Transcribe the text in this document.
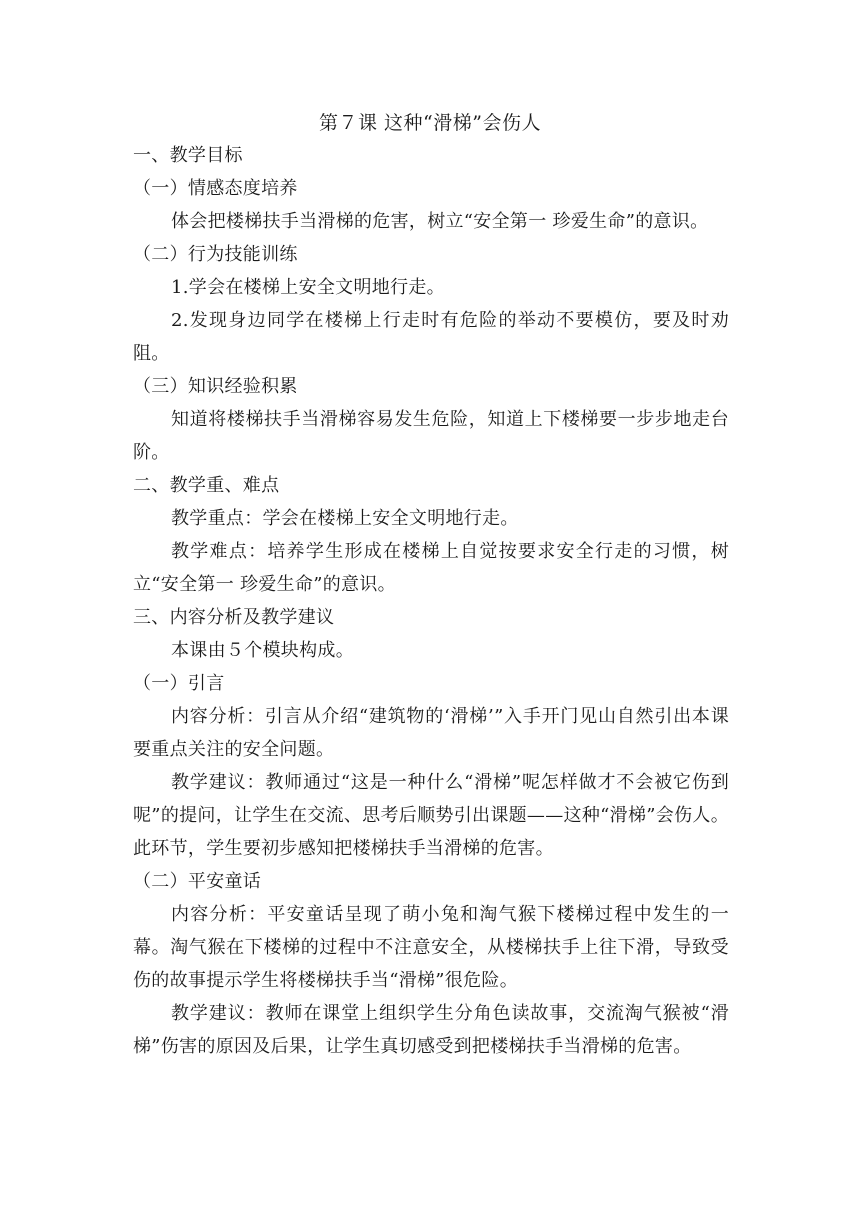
第７课 这种“滑梯”会伤人

一、教学目标

（一）情感态度培养

体会把楼梯扶手当滑梯的危害，树立“安全第一 珍爱生命”的意识。

（二）行为技能训练

1.学会在楼梯上安全文明地行走。

2.发现身边同学在楼梯上行走时有危险的举动不要模仿，要及时劝阻。

（三）知识经验积累

知道将楼梯扶手当滑梯容易发生危险，知道上下楼梯要一步步地走台阶。

二、教学重、难点

教学重点：学会在楼梯上安全文明地行走。

教学难点：培养学生形成在楼梯上自觉按要求安全行走的习惯，树立“安全第一 珍爱生命”的意识。

三、内容分析及教学建议

本课由５个模块构成。

（一）引言

内容分析：引言从介绍“建筑物的‘滑梯’”入手开门见山自然引出本课要重点关注的安全问题。

教学建议：教师通过“这是一种什么“滑梯”呢怎样做才不会被它伤到呢”的提问，让学生在交流、思考后顺势引出课题——这种“滑梯”会伤人。此环节，学生要初步感知把楼梯扶手当滑梯的危害。

（二）平安童话

内容分析：平安童话呈现了萌小兔和淘气猴下楼梯过程中发生的一幕。淘气猴在下楼梯的过程中不注意安全，从楼梯扶手上往下滑，导致受伤的故事提示学生将楼梯扶手当“滑梯”很危险。

教学建议：教师在课堂上组织学生分角色读故事，交流淘气猴被“滑梯”伤害的原因及后果，让学生真切感受到把楼梯扶手当滑梯的危害。
